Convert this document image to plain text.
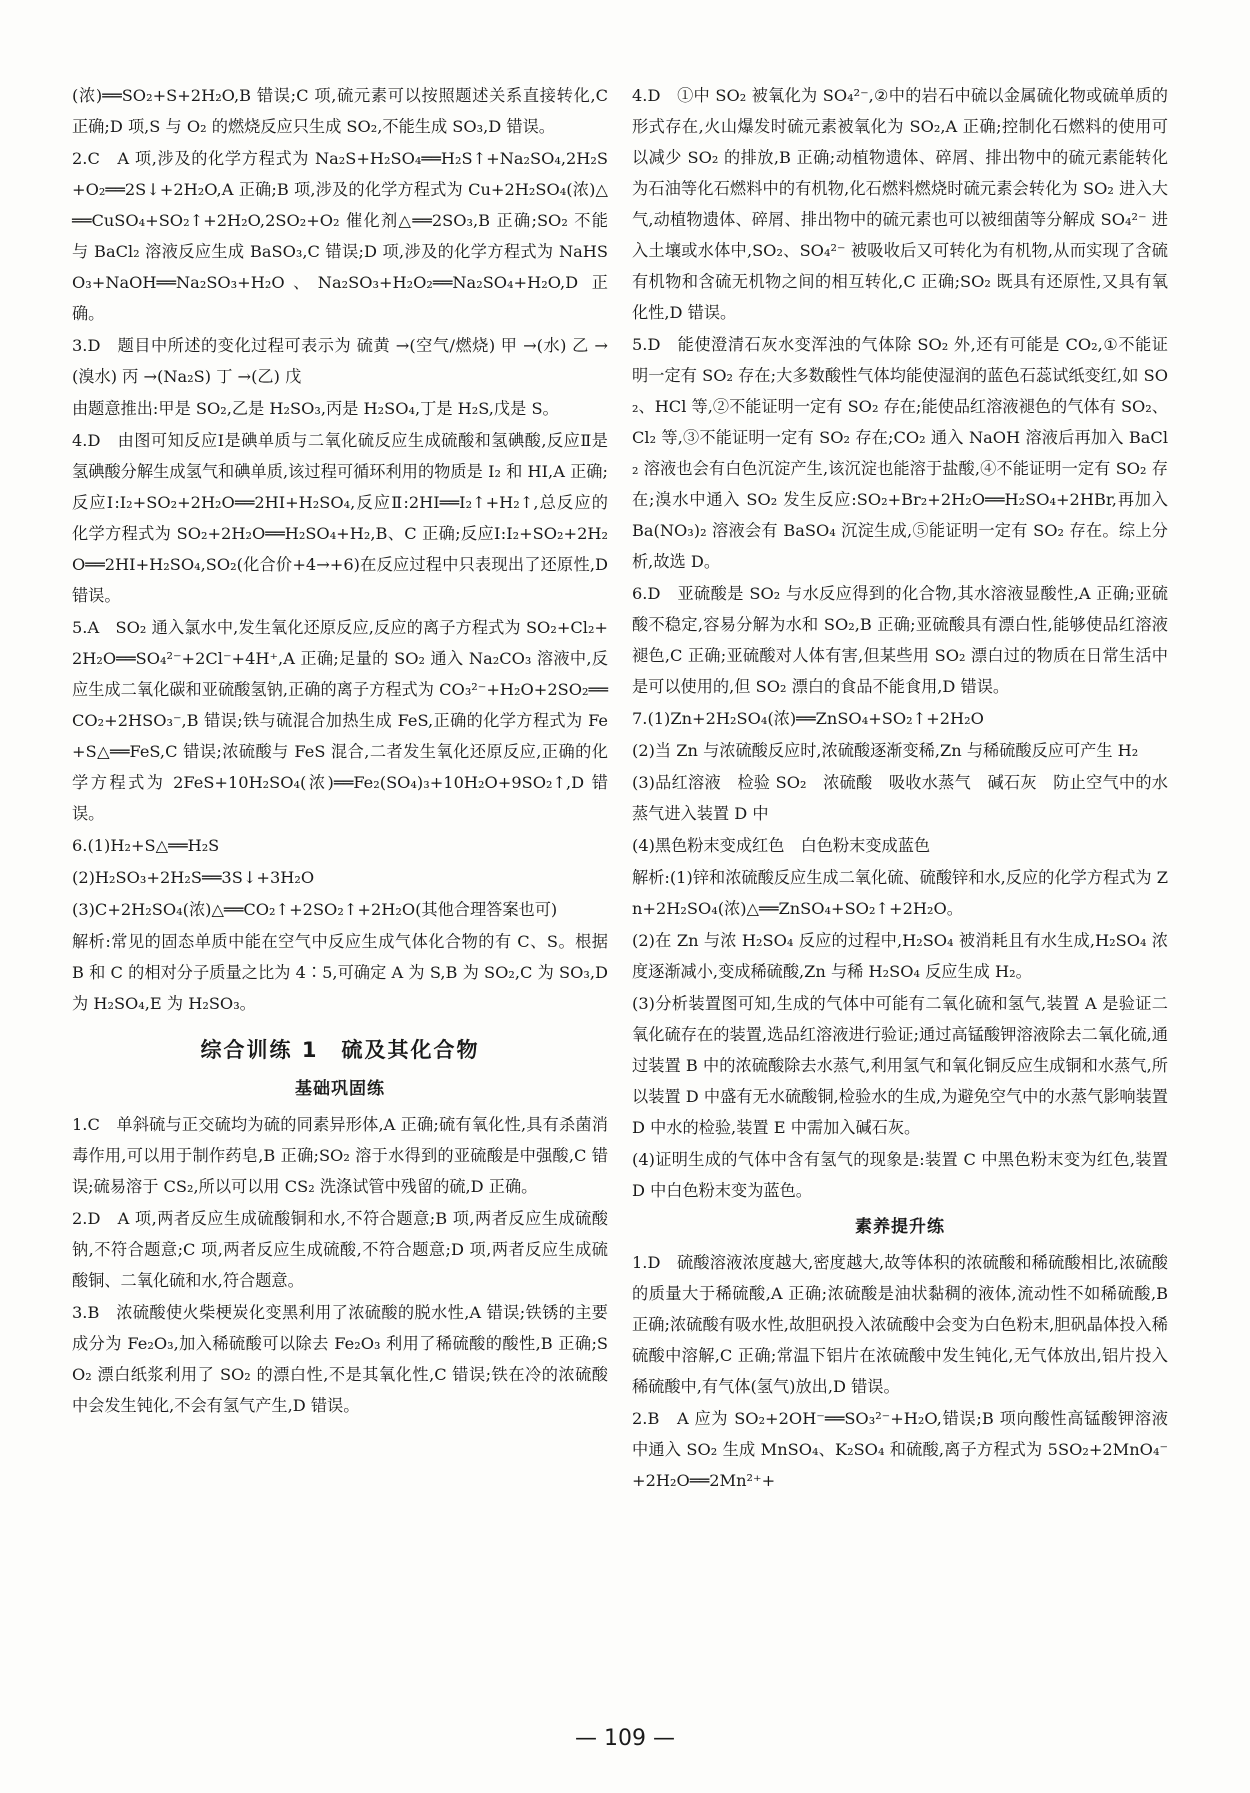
(浓)══SO₂+S+2H₂O,B 错误;C 项,硫元素可以按照题述关系直接转化,C 正确;D 项,S 与 O₂ 的燃烧反应只生成 SO₂,不能生成 SO₃,D 错误。

2.C　A 项,涉及的化学方程式为 Na₂S+H₂SO₄══H₂S↑+Na₂SO₄,2H₂S+O₂══2S↓+2H₂O,A 正确;B 项,涉及的化学方程式为 Cu+2H₂SO₄(浓)△══CuSO₄+SO₂↑+2H₂O,2SO₂+O₂ 催化剂△══2SO₃,B 正确;SO₂ 不能与 BaCl₂ 溶液反应生成 BaSO₃,C 错误;D 项,涉及的化学方程式为 NaHSO₃+NaOH══Na₂SO₃+H₂O、Na₂SO₃+H₂O₂══Na₂SO₄+H₂O,D 正确。

3.D　题目中所述的变化过程可表示为 硫黄 →(空气/燃烧) 甲 →(水) 乙 →(溴水) 丙 →(Na₂S) 丁 →(乙) 戊

由题意推出:甲是 SO₂,乙是 H₂SO₃,丙是 H₂SO₄,丁是 H₂S,戊是 S。

4.D　由图可知反应Ⅰ是碘单质与二氧化硫反应生成硫酸和氢碘酸,反应Ⅱ是氢碘酸分解生成氢气和碘单质,该过程可循环利用的物质是 I₂ 和 HI,A 正确;反应Ⅰ:I₂+SO₂+2H₂O══2HI+H₂SO₄,反应Ⅱ:2HI══I₂↑+H₂↑,总反应的化学方程式为 SO₂+2H₂O══H₂SO₄+H₂,B、C 正确;反应Ⅰ:I₂+SO₂+2H₂O══2HI+H₂SO₄,SO₂(化合价+4→+6)在反应过程中只表现出了还原性,D 错误。

5.A　SO₂ 通入氯水中,发生氧化还原反应,反应的离子方程式为 SO₂+Cl₂+2H₂O══SO₄²⁻+2Cl⁻+4H⁺,A 正确;足量的 SO₂ 通入 Na₂CO₃ 溶液中,反应生成二氧化碳和亚硫酸氢钠,正确的离子方程式为 CO₃²⁻+H₂O+2SO₂══CO₂+2HSO₃⁻,B 错误;铁与硫混合加热生成 FeS,正确的化学方程式为 Fe+S△══FeS,C 错误;浓硫酸与 FeS 混合,二者发生氧化还原反应,正确的化学方程式为 2FeS+10H₂SO₄(浓)══Fe₂(SO₄)₃+10H₂O+9SO₂↑,D 错误。

6.(1)H₂+S△══H₂S

(2)H₂SO₃+2H₂S══3S↓+3H₂O

(3)C+2H₂SO₄(浓)△══CO₂↑+2SO₂↑+2H₂O(其他合理答案也可)

解析:常见的固态单质中能在空气中反应生成气体化合物的有 C、S。根据 B 和 C 的相对分子质量之比为 4∶5,可确定 A 为 S,B 为 SO₂,C 为 SO₃,D 为 H₂SO₄,E 为 H₂SO₃。

综合训练 1　硫及其化合物
基础巩固练

1.C　单斜硫与正交硫均为硫的同素异形体,A 正确;硫有氧化性,具有杀菌消毒作用,可以用于制作药皂,B 正确;SO₂ 溶于水得到的亚硫酸是中强酸,C 错误;硫易溶于 CS₂,所以可以用 CS₂ 洗涤试管中残留的硫,D 正确。

2.D　A 项,两者反应生成硫酸铜和水,不符合题意;B 项,两者反应生成硫酸钠,不符合题意;C 项,两者反应生成硫酸,不符合题意;D 项,两者反应生成硫酸铜、二氧化硫和水,符合题意。

3.B　浓硫酸使火柴梗炭化变黑利用了浓硫酸的脱水性,A 错误;铁锈的主要成分为 Fe₂O₃,加入稀硫酸可以除去 Fe₂O₃ 利用了稀硫酸的酸性,B 正确;SO₂ 漂白纸浆利用了 SO₂ 的漂白性,不是其氧化性,C 错误;铁在冷的浓硫酸中会发生钝化,不会有氢气产生,D 错误。

4.D　①中 SO₂ 被氧化为 SO₄²⁻,②中的岩石中硫以金属硫化物或硫单质的形式存在,火山爆发时硫元素被氧化为 SO₂,A 正确;控制化石燃料的使用可以减少 SO₂ 的排放,B 正确;动植物遗体、碎屑、排出物中的硫元素能转化为石油等化石燃料中的有机物,化石燃料燃烧时硫元素会转化为 SO₂ 进入大气,动植物遗体、碎屑、排出物中的硫元素也可以被细菌等分解成 SO₄²⁻ 进入土壤或水体中,SO₂、SO₄²⁻ 被吸收后又可转化为有机物,从而实现了含硫有机物和含硫无机物之间的相互转化,C 正确;SO₂ 既具有还原性,又具有氧化性,D 错误。

5.D　能使澄清石灰水变浑浊的气体除 SO₂ 外,还有可能是 CO₂,①不能证明一定有 SO₂ 存在;大多数酸性气体均能使湿润的蓝色石蕊试纸变红,如 SO₂、HCl 等,②不能证明一定有 SO₂ 存在;能使品红溶液褪色的气体有 SO₂、Cl₂ 等,③不能证明一定有 SO₂ 存在;CO₂ 通入 NaOH 溶液后再加入 BaCl₂ 溶液也会有白色沉淀产生,该沉淀也能溶于盐酸,④不能证明一定有 SO₂ 存在;溴水中通入 SO₂ 发生反应:SO₂+Br₂+2H₂O══H₂SO₄+2HBr,再加入 Ba(NO₃)₂ 溶液会有 BaSO₄ 沉淀生成,⑤能证明一定有 SO₂ 存在。综上分析,故选 D。

6.D　亚硫酸是 SO₂ 与水反应得到的化合物,其水溶液显酸性,A 正确;亚硫酸不稳定,容易分解为水和 SO₂,B 正确;亚硫酸具有漂白性,能够使品红溶液褪色,C 正确;亚硫酸对人体有害,但某些用 SO₂ 漂白过的物质在日常生活中是可以使用的,但 SO₂ 漂白的食品不能食用,D 错误。

7.(1)Zn+2H₂SO₄(浓)══ZnSO₄+SO₂↑+2H₂O

(2)当 Zn 与浓硫酸反应时,浓硫酸逐渐变稀,Zn 与稀硫酸反应可产生 H₂

(3)品红溶液　检验 SO₂　浓硫酸　吸收水蒸气　碱石灰　防止空气中的水蒸气进入装置 D 中

(4)黑色粉末变成红色　白色粉末变成蓝色

解析:(1)锌和浓硫酸反应生成二氧化硫、硫酸锌和水,反应的化学方程式为 Zn+2H₂SO₄(浓)△══ZnSO₄+SO₂↑+2H₂O。

(2)在 Zn 与浓 H₂SO₄ 反应的过程中,H₂SO₄ 被消耗且有水生成,H₂SO₄ 浓度逐渐减小,变成稀硫酸,Zn 与稀 H₂SO₄ 反应生成 H₂。

(3)分析装置图可知,生成的气体中可能有二氧化硫和氢气,装置 A 是验证二氧化硫存在的装置,选品红溶液进行验证;通过高锰酸钾溶液除去二氧化硫,通过装置 B 中的浓硫酸除去水蒸气,利用氢气和氧化铜反应生成铜和水蒸气,所以装置 D 中盛有无水硫酸铜,检验水的生成,为避免空气中的水蒸气影响装置 D 中水的检验,装置 E 中需加入碱石灰。

(4)证明生成的气体中含有氢气的现象是:装置 C 中黑色粉末变为红色,装置 D 中白色粉末变为蓝色。

素养提升练

1.D　硫酸溶液浓度越大,密度越大,故等体积的浓硫酸和稀硫酸相比,浓硫酸的质量大于稀硫酸,A 正确;浓硫酸是油状黏稠的液体,流动性不如稀硫酸,B 正确;浓硫酸有吸水性,故胆矾投入浓硫酸中会变为白色粉末,胆矾晶体投入稀硫酸中溶解,C 正确;常温下铝片在浓硫酸中发生钝化,无气体放出,铝片投入稀硫酸中,有气体(氢气)放出,D 错误。

2.B　A 应为 SO₂+2OH⁻══SO₃²⁻+H₂O,错误;B 项向酸性高锰酸钾溶液中通入 SO₂ 生成 MnSO₄、K₂SO₄ 和硫酸,离子方程式为 5SO₂+2MnO₄⁻+2H₂O══2Mn²⁺+

— 109 —
